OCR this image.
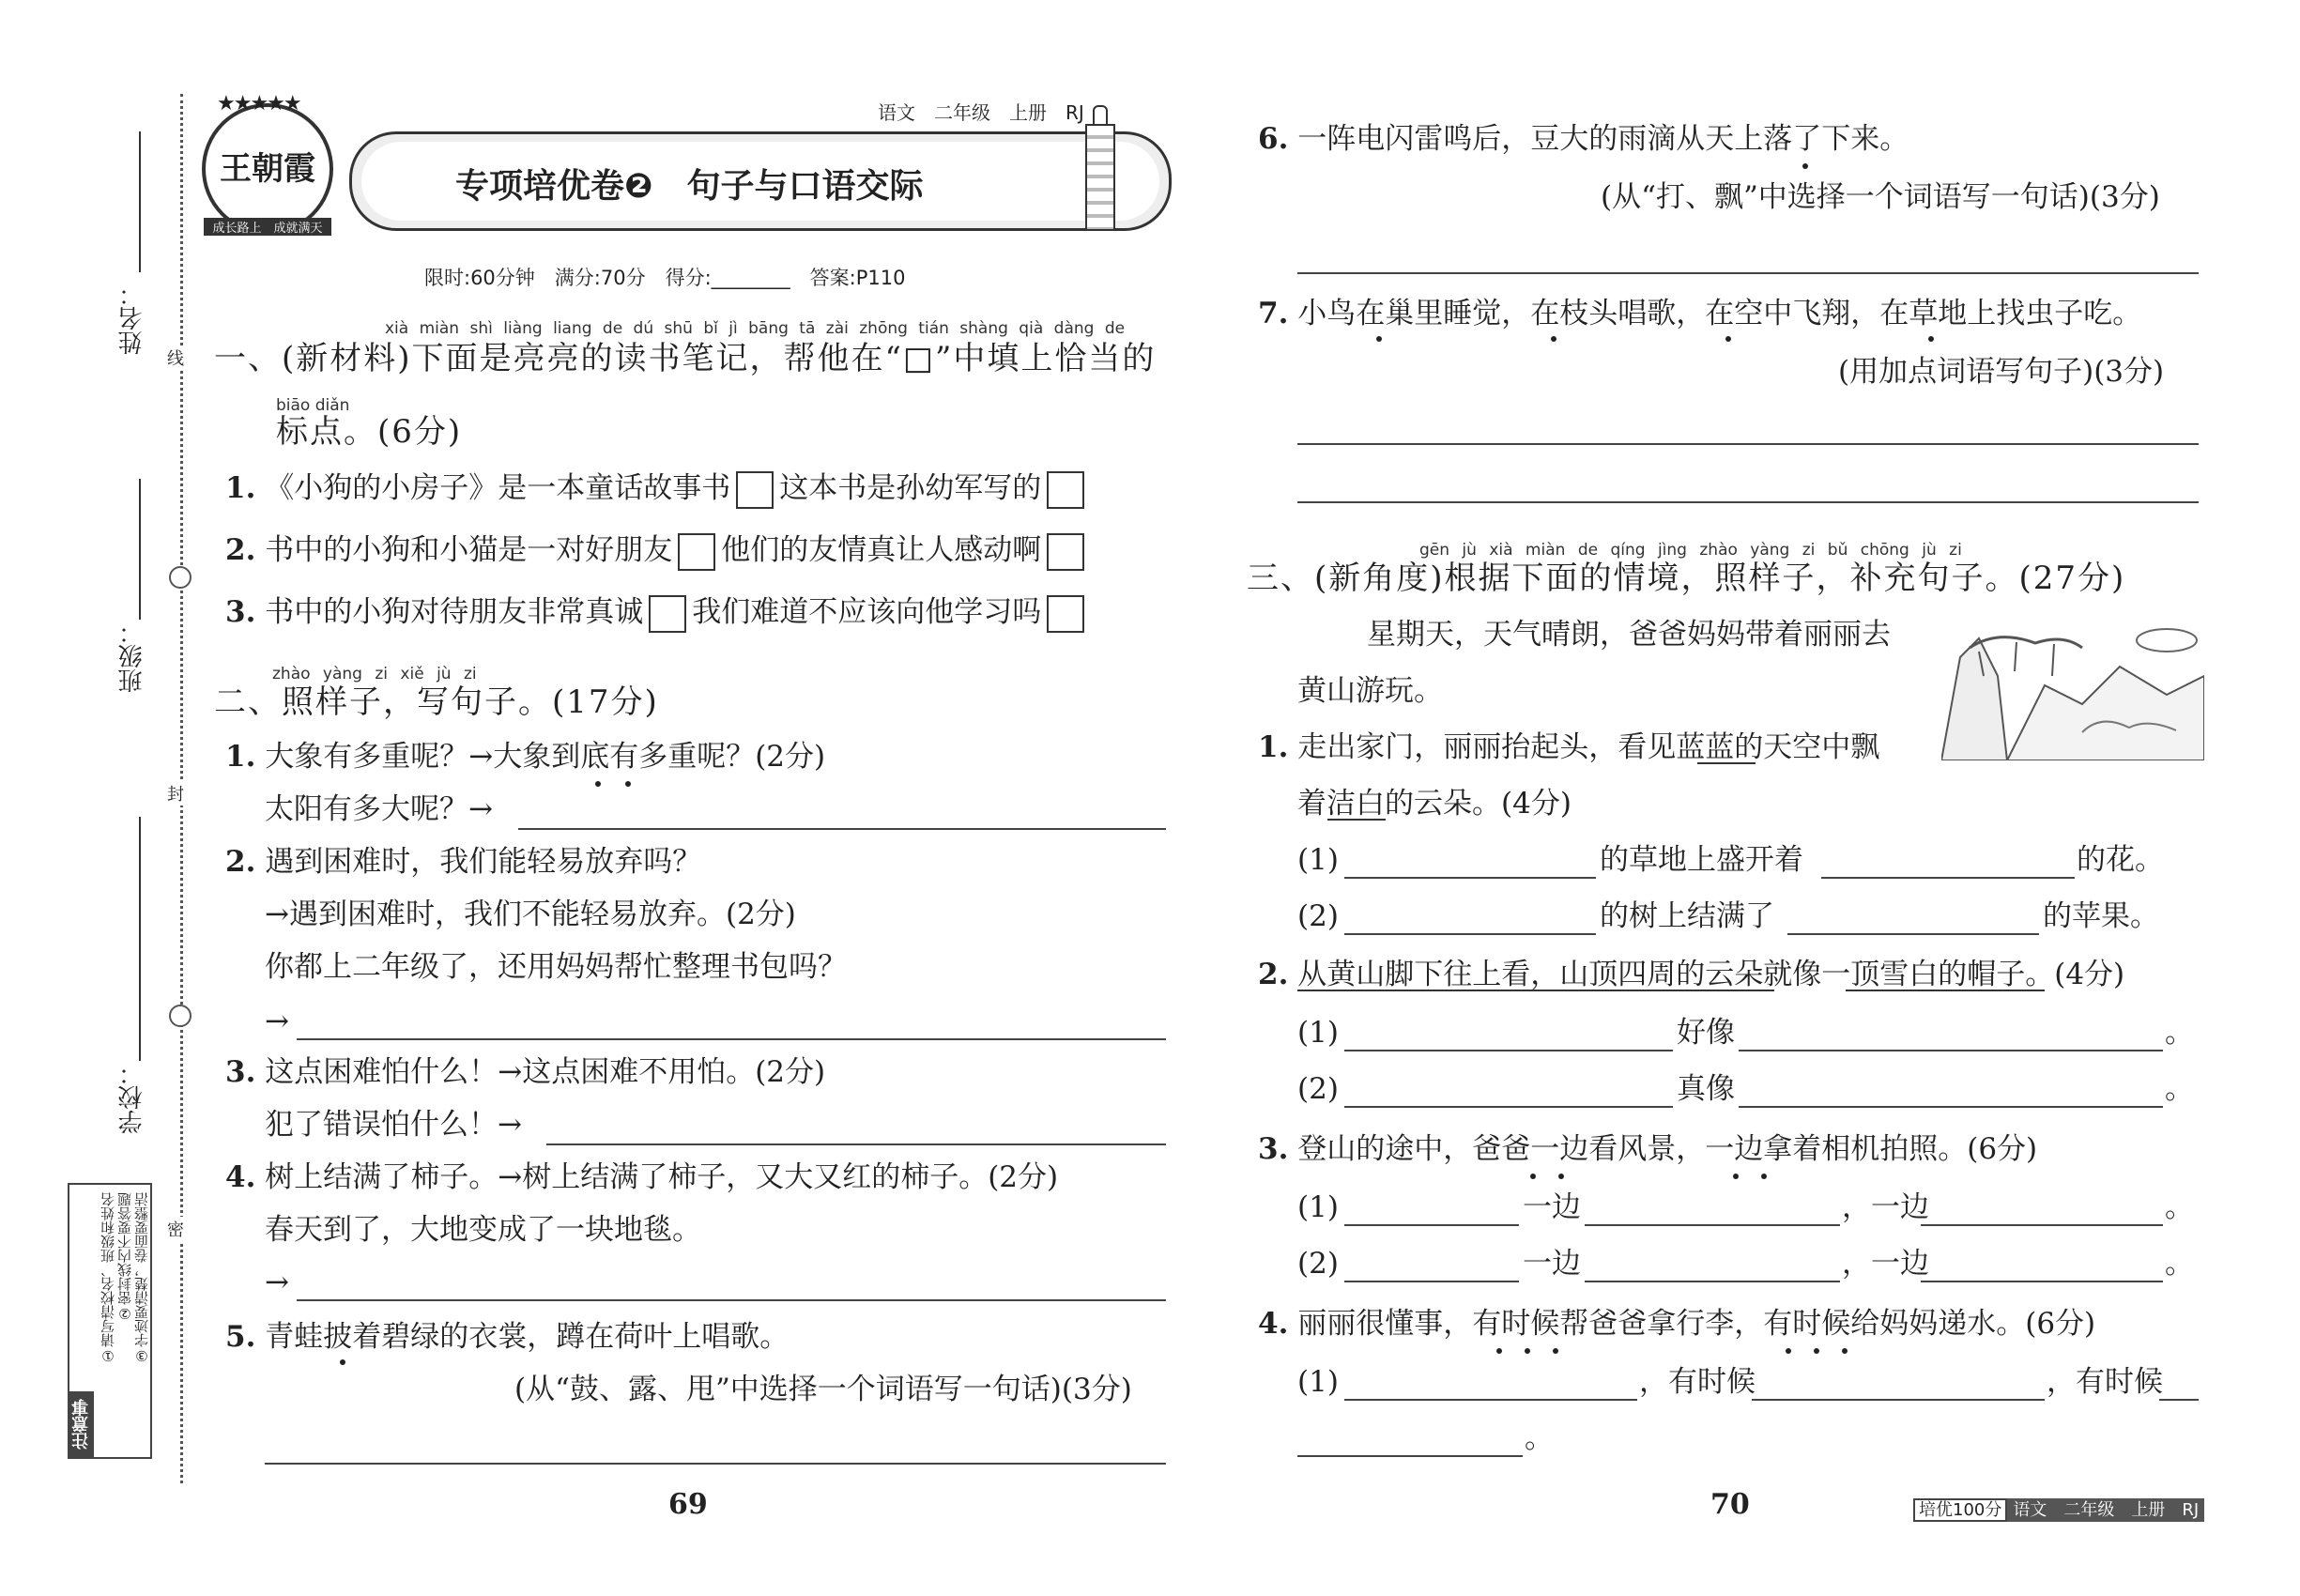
姓名：
班级：
学校：
线
封
密
注意事项
①请写清校名、班级和姓名 ②密封线内不要答题 ③字迹要清楚，卷面要整洁
语文　二年级　上册　RJ
★★★★★
王朝霞
成长路上　成就满天
专项培优卷❷　句子与口语交际
限时:60分钟　满分:70分　得分:________　答案:P110
xià miàn shì liàng liang de dú shū bǐ jì bāng tā zài zhōng tián shàng qià dàng de
一、(新材料)下面是亮亮的读书笔记，帮他在“□”中填上恰当的
biāo diǎn
标点。(6分)
1. 《小狗的小房子》是一本童话故事书 这本书是孙幼军写的
2. 书中的小狗和小猫是一对好朋友 他们的友情真让人感动啊
3. 书中的小狗对待朋友非常真诚 我们难道不应该向他学习吗
zhào yàng zi xiě jù zi
二、照样子，写句子。(17分)
1. 大象有多重呢？→大象到底有多重呢？(2分)
太阳有多大呢？→
2. 遇到困难时，我们能轻易放弃吗？
→遇到困难时，我们不能轻易放弃。(2分)
你都上二年级了，还用妈妈帮忙整理书包吗？
→
3. 这点困难怕什么！→这点困难不用怕。(2分)
犯了错误怕什么！→
4. 树上结满了柿子。→树上结满了柿子，又大又红的柿子。(2分)
春天到了，大地变成了一块地毯。
→
5. 青蛙披着碧绿的衣裳，蹲在荷叶上唱歌。
(从“鼓、露、甩”中选择一个词语写一句话)(3分)
69
6. 一阵电闪雷鸣后，豆大的雨滴从天上落了下来。
(从“打、飘”中选择一个词语写一句话)(3分)
7. 小鸟在巢里睡觉，在枝头唱歌，在空中飞翔，在草地上找虫子吃。
(用加点词语写句子)(3分)
gēn jù xià miàn de qíng jìng zhào yàng zi bǔ chōng jù zi
三、(新角度)根据下面的情境，照样子，补充句子。(27分)
星期天，天气晴朗，爸爸妈妈带着丽丽去
黄山游玩。
1. 走出家门，丽丽抬起头，看见蓝蓝的天空中飘
着洁白的云朵。(4分)
(1)	的草地上盛开着	的花。
(2)	的树上结满了	的苹果。
2. 从黄山脚下往上看，山顶四周的云朵就像一顶雪白的帽子。(4分)
(1)	好像	。
(2)	真像	。
3. 登山的途中，爸爸一边看风景，一边拿着相机拍照。(6分)
(1)	一边	，一边	。
(2)	一边	，一边	。
4. 丽丽很懂事，有时候帮爸爸拿行李，有时候给妈妈递水。(6分)
(1)	，有时候	，有时候
。
70	培优100分 语文　二年级　上册　RJ
